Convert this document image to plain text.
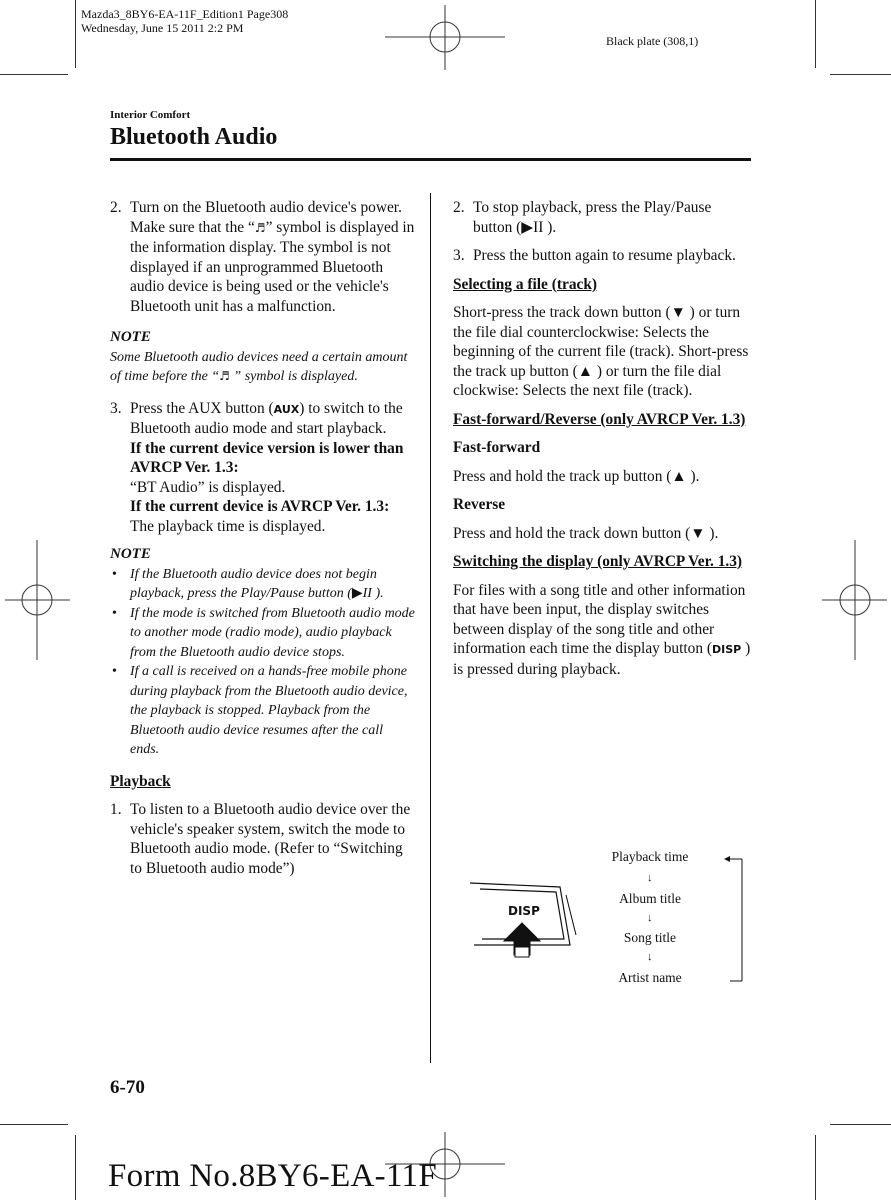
Mazda3_8BY6-EA-11F_Edition1 Page308
Wednesday, June 15 2011 2:2 PM
Black plate (308,1)
Interior Comfort
Bluetooth Audio
2. Turn on the Bluetooth audio device's power.

Make sure that the “♬” symbol is displayed in the information display. The symbol is not displayed if an unprogrammed Bluetooth audio device is being used or the vehicle's Bluetooth unit has a malfunction.

NOTE

Some Bluetooth audio devices need a certain amount of time before the “♬ ” symbol is displayed.

3. Press the AUX button (AUX) to switch to the Bluetooth audio mode and start playback.

If the current device version is lower than AVRCP Ver. 1.3:

“BT Audio” is displayed.

If the current device is AVRCP Ver. 1.3:

The playback time is displayed.

NOTE

• If the Bluetooth audio device does not begin playback, press the Play/Pause button (▶II ).
• If the mode is switched from Bluetooth audio mode to another mode (radio mode), audio playback from the Bluetooth audio device stops.
• If a call is received on a hands-free mobile phone during playback from the Bluetooth audio device, the playback is stopped. Playback from the Bluetooth audio device resumes after the call ends.

Playback

1. To listen to a Bluetooth audio device over the vehicle's speaker system, switch the mode to Bluetooth audio mode. (Refer to “Switching to Bluetooth audio mode”)

2. To stop playback, press the Play/Pause button (▶II ).

3. Press the button again to resume playback.

Selecting a file (track)

Short-press the track down button (▼ ) or turn the file dial counterclockwise: Selects the beginning of the current file (track). Short-press the track up button (▲ ) or turn the file dial clockwise: Selects the next file (track).

Fast-forward/Reverse (only AVRCP Ver. 1.3)

Fast-forward

Press and hold the track up button (▲ ).

Reverse

Press and hold the track down button (▼ ).

Switching the display (only AVRCP Ver. 1.3)

For files with a song title and other information that have been input, the display switches between display of the song title and other information each time the display button (DISP ) is pressed during playback.

DISP
Playback time
↓
Album title
↓
Song title
↓
Artist name
6-70
Form No.8BY6-EA-11F
